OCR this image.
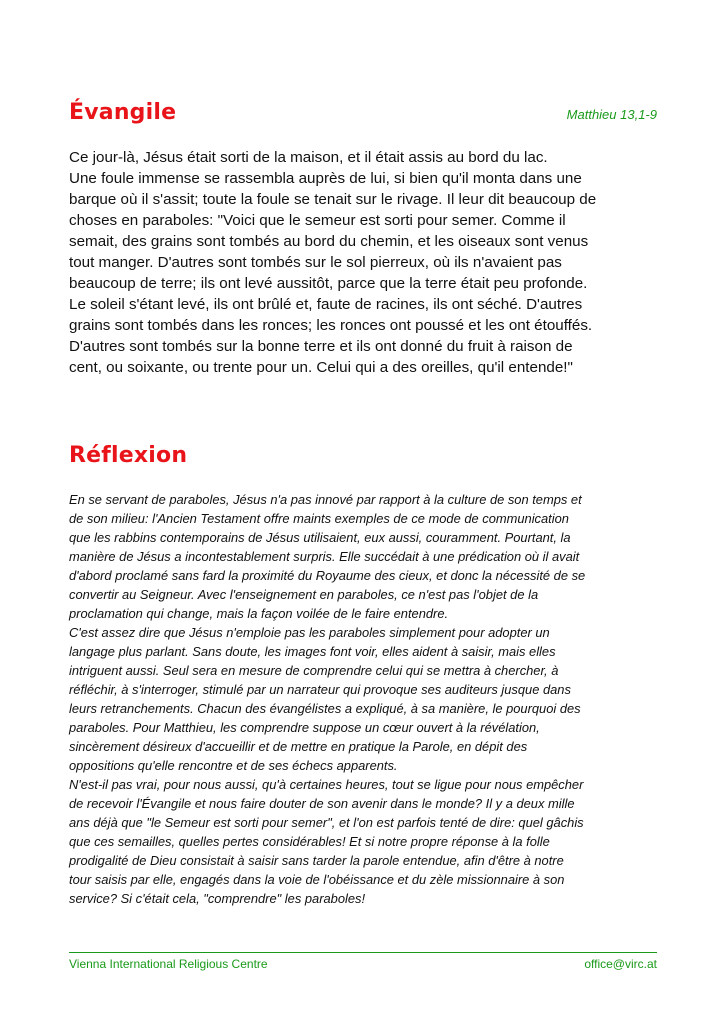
Évangile	Matthieu 13,1-9

Ce jour-là, Jésus était sorti de la maison, et il était assis au bord du lac.
Une foule immense se rassembla auprès de lui, si bien qu'il monta dans une
barque où il s'assit; toute la foule se tenait sur le rivage. Il leur dit beaucoup de
choses en paraboles: "Voici que le semeur est sorti pour semer. Comme il
semait, des grains sont tombés au bord du chemin, et les oiseaux sont venus
tout manger. D'autres sont tombés sur le sol pierreux, où ils n'avaient pas
beaucoup de terre; ils ont levé aussitôt, parce que la terre était peu profonde.
Le soleil s'étant levé, ils ont brûlé et, faute de racines, ils ont séché. D'autres
grains sont tombés dans les ronces; les ronces ont poussé et les ont étouffés.
D'autres sont tombés sur la bonne terre et ils ont donné du fruit à raison de
cent, ou soixante, ou trente pour un. Celui qui a des oreilles, qu'il entende!"

Réflexion

En se servant de paraboles, Jésus n'a pas innové par rapport à la culture de son temps et
de son milieu: l'Ancien Testament offre maints exemples de ce mode de communication
que les rabbins contemporains de Jésus utilisaient, eux aussi, couramment. Pourtant, la
manière de Jésus a incontestablement surpris. Elle succédait à une prédication où il avait
d'abord proclamé sans fard la proximité du Royaume des cieux, et donc la nécessité de se
convertir au Seigneur. Avec l'enseignement en paraboles, ce n'est pas l'objet de la
proclamation qui change, mais la façon voilée de le faire entendre.
C'est assez dire que Jésus n'emploie pas les paraboles simplement pour adopter un
langage plus parlant. Sans doute, les images font voir, elles aident à saisir, mais elles
intriguent aussi. Seul sera en mesure de comprendre celui qui se mettra à chercher, à
réfléchir, à s'interroger, stimulé par un narrateur qui provoque ses auditeurs jusque dans
leurs retranchements. Chacun des évangélistes a expliqué, à sa manière, le pourquoi des
paraboles. Pour Matthieu, les comprendre suppose un cœur ouvert à la révélation,
sincèrement désireux d'accueillir et de mettre en pratique la Parole, en dépit des
oppositions qu'elle rencontre et de ses échecs apparents.
N'est-il pas vrai, pour nous aussi, qu'à certaines heures, tout se ligue pour nous empêcher
de recevoir l'Évangile et nous faire douter de son avenir dans le monde? Il y a deux mille
ans déjà que "le Semeur est sorti pour semer", et l'on est parfois tenté de dire: quel gâchis
que ces semailles, quelles pertes considérables! Et si notre propre réponse à la folle
prodigalité de Dieu consistait à saisir sans tarder la parole entendue, afin d'être à notre
tour saisis par elle, engagés dans la voie de l'obéissance et du zèle missionnaire à son
service? Si c'était cela, "comprendre" les paraboles!

Vienna International Religious Centre	office@virc.at
